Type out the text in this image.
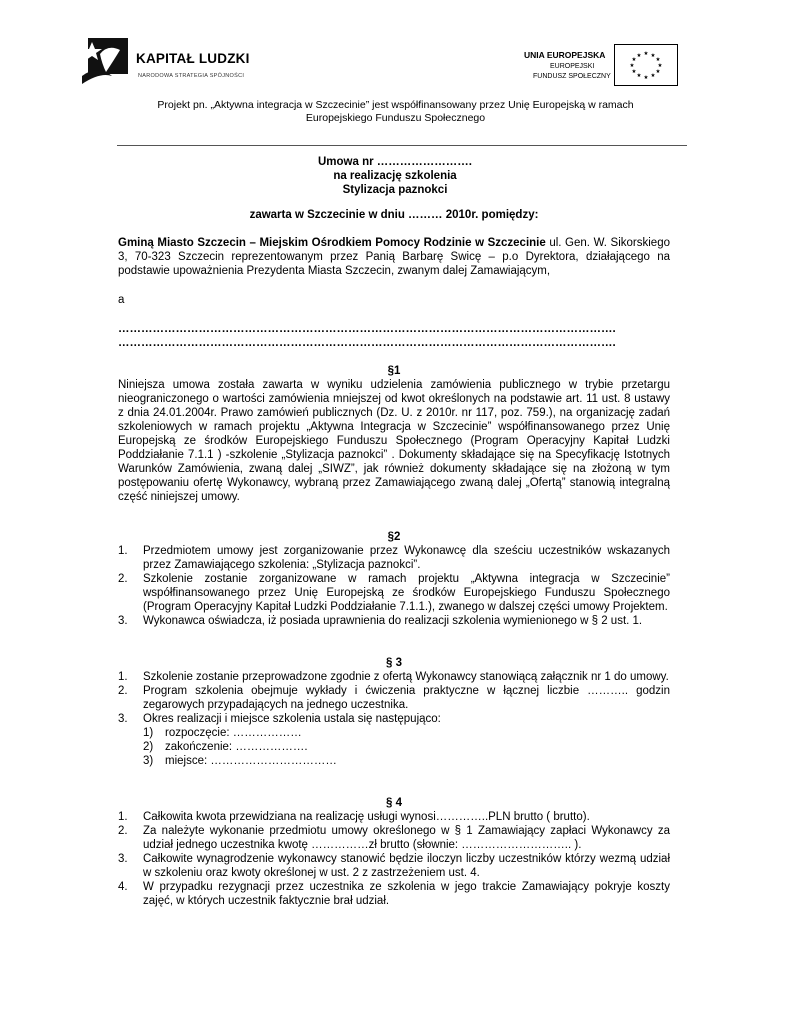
KAPITAŁ LUDZKI
NARODOWA STRATEGIA SPÓJNOŚCI
UNIA EUROPEJSKA
EUROPEJSKI
FUNDUSZ SPOŁECZNY
★ ★
★
★
★
★
★
★
★
★
★
★
Projekt pn. „Aktywna integracja w Szczecinie” jest współfinansowany przez Unię Europejską w ramach
Europejskiego Funduszu Społecznego
Umowa nr …………………….
na realizację szkolenia
Stylizacja paznokci
zawarta w Szczecinie w dniu ……… 2010r. pomiędzy:
Gminą Miasto Szczecin – Miejskim Ośrodkiem Pomocy Rodzinie w Szczecinie ul. Gen. W. Sikorskiego 3, 70-323 Szczecin reprezentowanym przez Panią Barbarę Swicę – p.o Dyrektora, działającego na podstawie upoważnienia Prezydenta Miasta Szczecin, zwanym dalej Zamawiającym,
a
………………………………………………………………………………………………………………….
………………………………………………………………………………………………………………….
§1
Niniejsza umowa została zawarta w wyniku udzielenia zamówienia publicznego w trybie przetargu nieograniczonego o wartości zamówienia mniejszej od kwot określonych na podstawie art. 11 ust. 8 ustawy z dnia 24.01.2004r. Prawo zamówień publicznych (Dz. U. z 2010r. nr 117, poz. 759.), na organizację zadań szkoleniowych w ramach projektu „Aktywna Integracja w Szczecinie” współfinansowanego przez Unię Europejską ze środków Europejskiego Funduszu Społecznego (Program Operacyjny Kapitał Ludzki Poddziałanie 7.1.1 ) -szkolenie „Stylizacja paznokci” . Dokumenty składające się na Specyfikację Istotnych Warunków Zamówienia, zwaną dalej „SIWZ”, jak również dokumenty składające się na złożoną w tym postępowaniu ofertę Wykonawcy, wybraną przez Zamawiającego zwaną dalej „Ofertą” stanowią integralną część niniejszej umowy.
§2
1. Przedmiotem umowy jest zorganizowanie przez Wykonawcę dla sześciu uczestników wskazanych przez Zamawiającego szkolenia: „Stylizacja paznokci”.
2. Szkolenie zostanie zorganizowane w ramach projektu „Aktywna integracja w Szczecinie” współfinansowanego przez Unię Europejską ze środków Europejskiego Funduszu Społecznego (Program Operacyjny Kapitał Ludzki Poddziałanie 7.1.1.), zwanego w dalszej części umowy Projektem.
3. Wykonawca oświadcza, iż posiada uprawnienia do realizacji szkolenia wymienionego w § 2 ust. 1.
§ 3
1. Szkolenie zostanie przeprowadzone zgodnie z ofertą Wykonawcy stanowiącą załącznik nr 1 do umowy.
2. Program szkolenia obejmuje wykłady i ćwiczenia praktyczne w łącznej liczbie ……….. godzin zegarowych przypadających na jednego uczestnika.
3. Okres realizacji i miejsce szkolenia ustala się następująco:
1) rozpoczęcie: ………………
2) zakończenie: ……………….
3) miejsce: ……………………………
§ 4
1. Całkowita kwota przewidziana na realizację usługi wynosi…………..PLN brutto ( brutto).
2. Za należyte wykonanie przedmiotu umowy określonego w § 1 Zamawiający zapłaci Wykonawcy za udział jednego uczestnika kwotę ……………zł brutto (słownie: ……………………….. ).
3. Całkowite wynagrodzenie wykonawcy stanowić będzie iloczyn liczby uczestników którzy wezmą udział w szkoleniu oraz kwoty określonej w ust. 2 z zastrzeżeniem ust. 4.
4. W przypadku rezygnacji przez uczestnika ze szkolenia w jego trakcie Zamawiający pokryje koszty zajęć, w których uczestnik faktycznie brał udział.
